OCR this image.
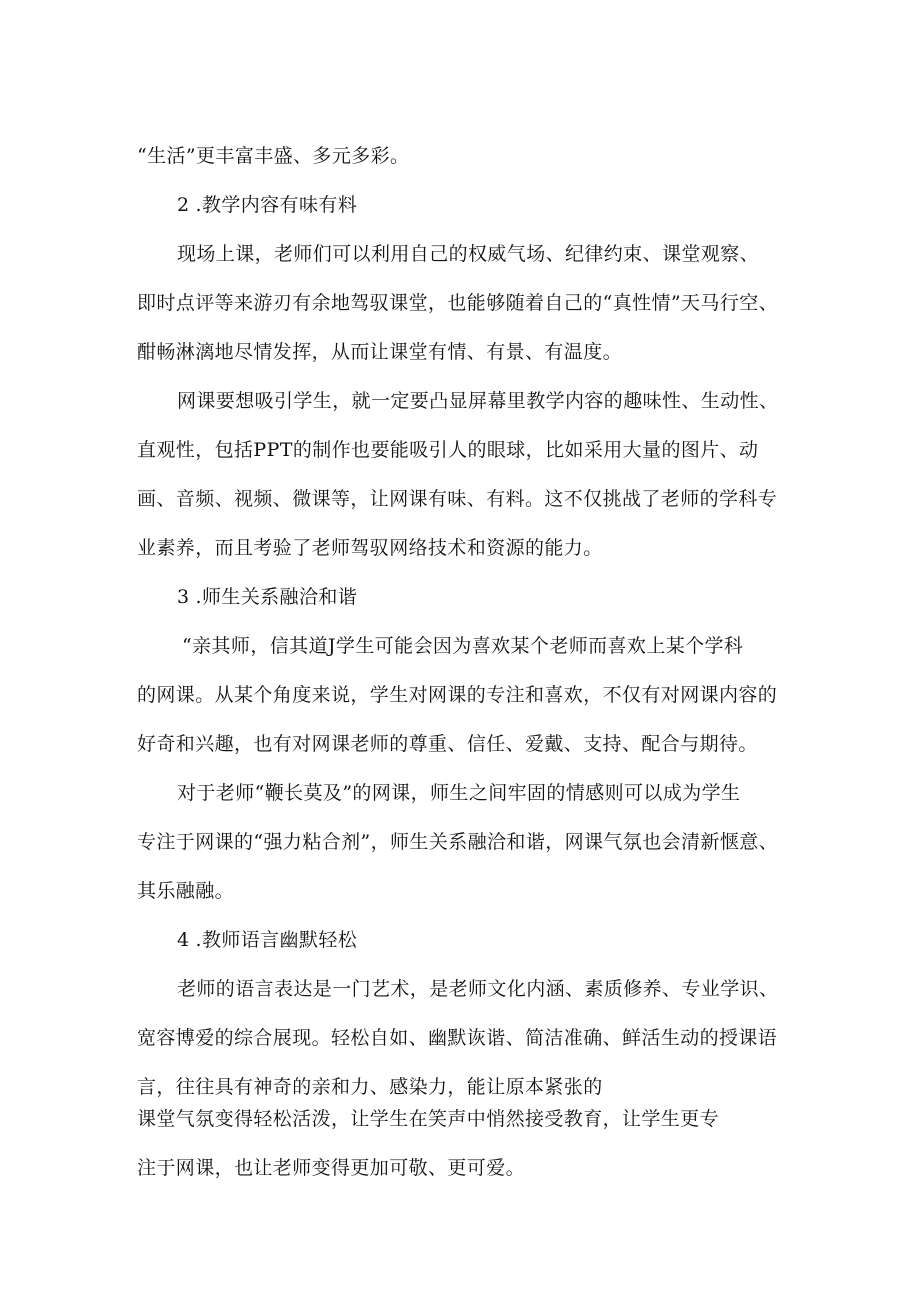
“生活”更丰富丰盛、多元多彩。
2 .教学内容有味有料
现场上课，老师们可以利用自己的权威气场、纪律约束、课堂观察、
即时点评等来游刃有余地驾驭课堂，也能够随着自己的“真性情”天马行空、
酣畅淋漓地尽情发挥，从而让课堂有情、有景、有温度。
网课要想吸引学生，就一定要凸显屏幕里教学内容的趣味性、生动性、
直观性，包括PPT的制作也要能吸引人的眼球，比如采用大量的图片、动
画、音频、视频、微课等，让网课有味、有料。这不仅挑战了老师的学科专
业素养，而且考验了老师驾驭网络技术和资源的能力。
3 .师生关系融洽和谐
“亲其师，信其道J学生可能会因为喜欢某个老师而喜欢上某个学科
的网课。从某个角度来说，学生对网课的专注和喜欢，不仅有对网课内容的
好奇和兴趣，也有对网课老师的尊重、信任、爱戴、支持、配合与期待。
对于老师“鞭长莫及”的网课，师生之间牢固的情感则可以成为学生
专注于网课的“强力粘合剂”，师生关系融洽和谐，网课气氛也会清新惬意、
其乐融融。
4 .教师语言幽默轻松
老师的语言表达是一门艺术，是老师文化内涵、素质修养、专业学识、
宽容博爱的综合展现。轻松自如、幽默诙谐、简洁准确、鲜活生动的授课语
言，往往具有神奇的亲和力、感染力，能让原本紧张的
课堂气氛变得轻松活泼，让学生在笑声中悄然接受教育，让学生更专
注于网课，也让老师变得更加可敬、更可爱。
